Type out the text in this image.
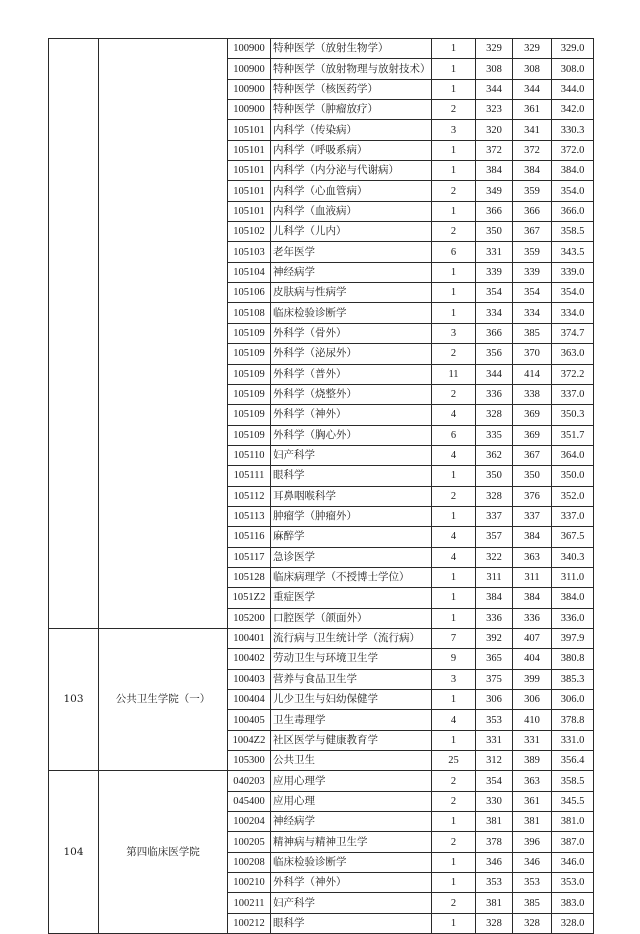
		100900	特种医学（放射生物学）	1	329	329	329.0
		100900	特种医学（放射物理与放射技术）	1	308	308	308.0
		100900	特种医学（核医药学）	1	344	344	344.0
		100900	特种医学（肿瘤放疗）	2	323	361	342.0
		105101	内科学（传染病）	3	320	341	330.3
		105101	内科学（呼吸系病）	1	372	372	372.0
		105101	内科学（内分泌与代谢病）	1	384	384	384.0
		105101	内科学（心血管病）	2	349	359	354.0
		105101	内科学（血液病）	1	366	366	366.0
		105102	儿科学（儿内）	2	350	367	358.5
		105103	老年医学	6	331	359	343.5
		105104	神经病学	1	339	339	339.0
		105106	皮肤病与性病学	1	354	354	354.0
		105108	临床检验诊断学	1	334	334	334.0
		105109	外科学（骨外）	3	366	385	374.7
		105109	外科学（泌尿外）	2	356	370	363.0
		105109	外科学（普外）	11	344	414	372.2
		105109	外科学（烧整外）	2	336	338	337.0
		105109	外科学（神外）	4	328	369	350.3
		105109	外科学（胸心外）	6	335	369	351.7
		105110	妇产科学	4	362	367	364.0
		105111	眼科学	1	350	350	350.0
		105112	耳鼻咽喉科学	2	328	376	352.0
		105113	肿瘤学（肿瘤外）	1	337	337	337.0
		105116	麻醉学	4	357	384	367.5
		105117	急诊医学	4	322	363	340.3
		105128	临床病理学（不授博士学位）	1	311	311	311.0
		1051Z2	重症医学	1	384	384	384.0
		105200	口腔医学（颌面外）	1	336	336	336.0
103	公共卫生学院（一）	100401	流行病与卫生统计学（流行病）	7	392	407	397.9
		100402	劳动卫生与环境卫生学	9	365	404	380.8
		100403	营养与食品卫生学	3	375	399	385.3
		100404	儿少卫生与妇幼保健学	1	306	306	306.0
		100405	卫生毒理学	4	353	410	378.8
		1004Z2	社区医学与健康教育学	1	331	331	331.0
		105300	公共卫生	25	312	389	356.4
104	第四临床医学院	040203	应用心理学	2	354	363	358.5
		045400	应用心理	2	330	361	345.5
		100204	神经病学	1	381	381	381.0
		100205	精神病与精神卫生学	2	378	396	387.0
		100208	临床检验诊断学	1	346	346	346.0
		100210	外科学（神外）	1	353	353	353.0
		100211	妇产科学	2	381	385	383.0
		100212	眼科学	1	328	328	328.0
